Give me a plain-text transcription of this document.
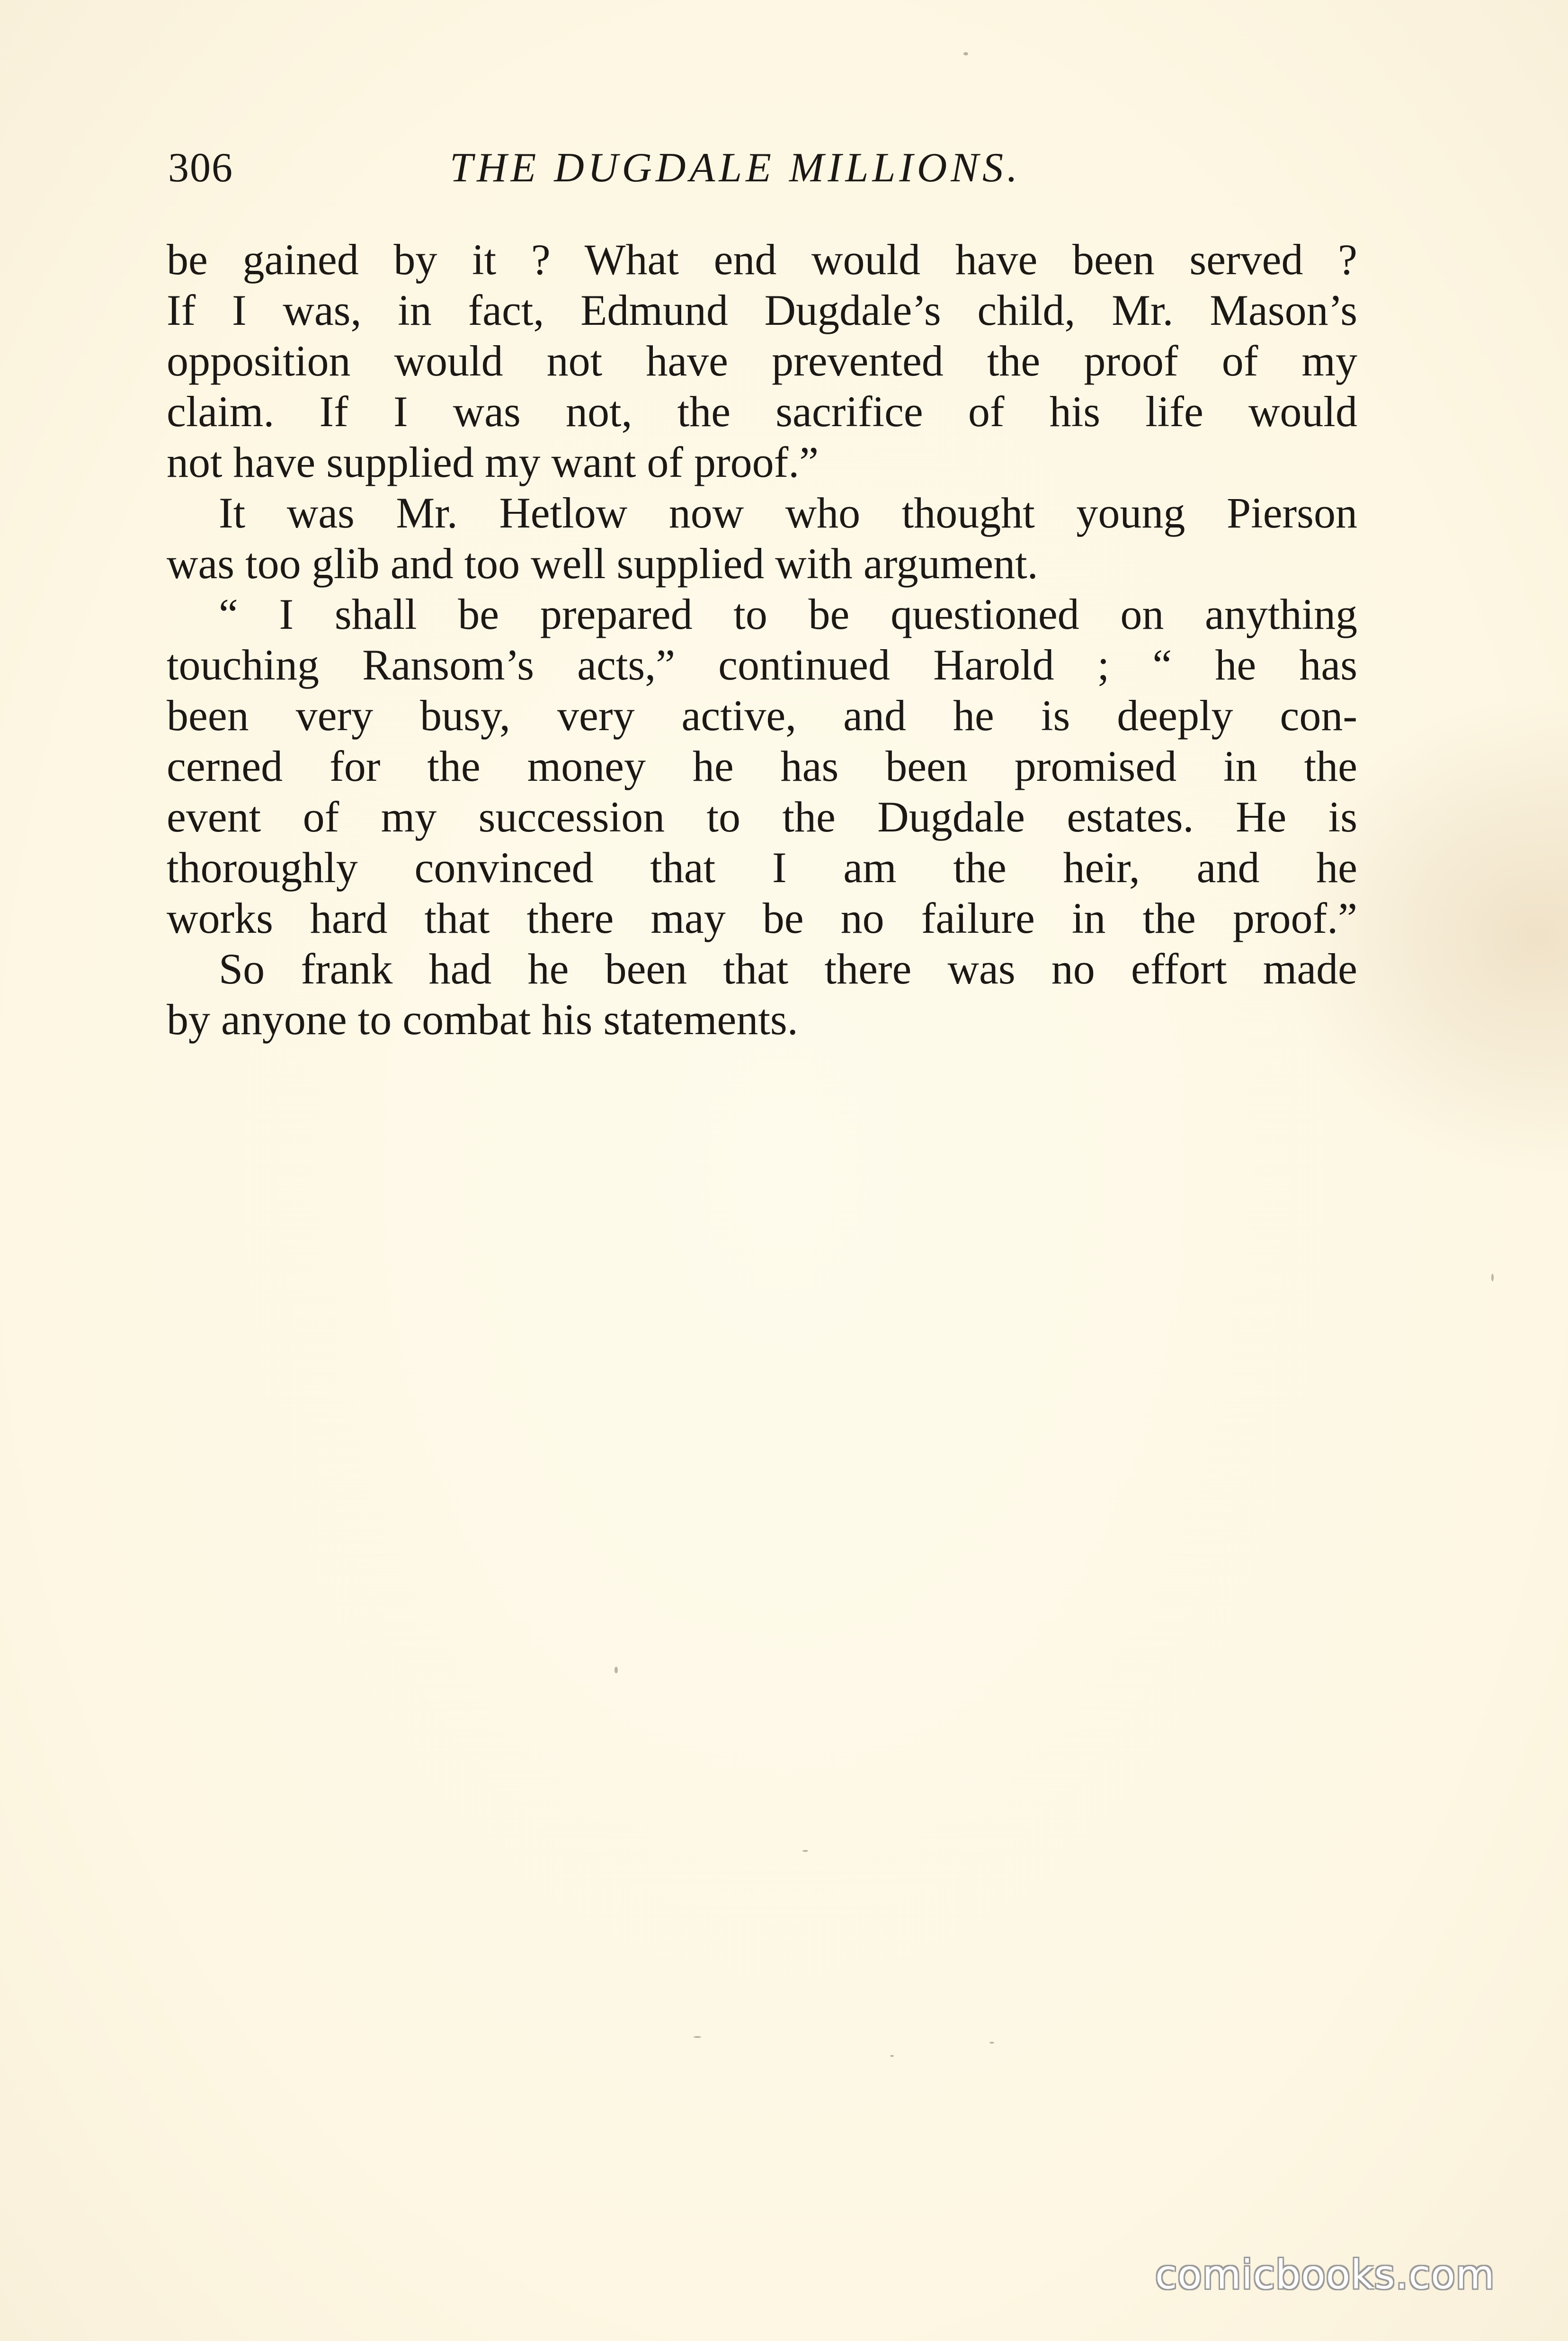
306	THE DUGDALE MILLIONS.

be gained by it ? What end would have been served ?

If I was, in fact, Edmund Dugdale’s child, Mr. Mason’s

opposition would not have prevented the proof of my

claim. If I was not, the sacrifice of his life would

not have supplied my want of proof.”

It was Mr. Hetlow now who thought young Pierson

was too glib and too well supplied with argument.

“ I shall be prepared to be questioned on anything

touching Ransom’s acts,” continued Harold ; “ he has

been very busy, very active, and he is deeply con-

cerned for the money he has been promised in the

event of my succession to the Dugdale estates. He is

thoroughly convinced that I am the heir, and he

works hard that there may be no failure in the proof.”

So frank had he been that there was no effort made

by anyone to combat his statements.

comicbooks.com
